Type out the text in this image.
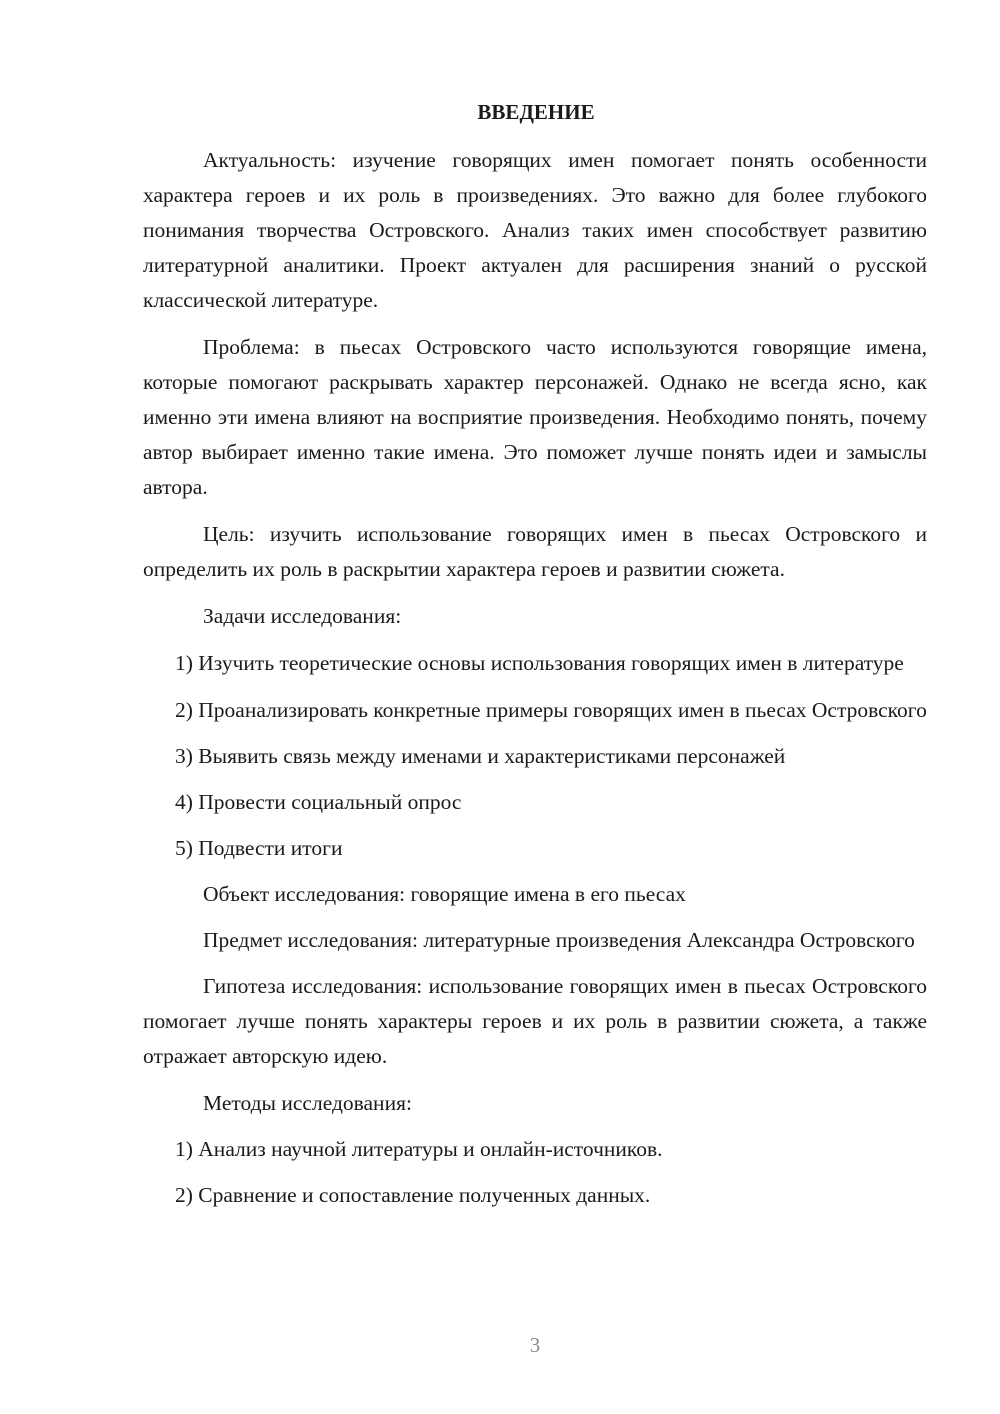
ВВЕДЕНИЕ

Актуальность: изучение говорящих имен помогает понять особенности характера героев и их роль в произведениях. Это важно для более глубокого понимания творчества Островского. Анализ таких имен способствует развитию литературной аналитики. Проект актуален для расширения знаний о русской классической литературе.

Проблема: в пьесах Островского часто используются говорящие имена, которые помогают раскрывать характер персонажей. Однако не всегда ясно, как именно эти имена влияют на восприятие произведения. Необходимо понять, почему автор выбирает именно такие имена. Это поможет лучше понять идеи и замыслы автора.

Цель: изучить использование говорящих имен в пьесах Островского и определить их роль в раскрытии характера героев и развитии сюжета.

Задачи исследования:

1) Изучить теоретические основы использования говорящих имен в литературе

2) Проанализировать конкретные примеры говорящих имен в пьесах Островского

3) Выявить связь между именами и характеристиками персонажей

4) Провести социальный опрос

5) Подвести итоги

Объект исследования: говорящие имена в его пьесах

Предмет исследования: литературные произведения Александра Островского

Гипотеза исследования: использование говорящих имен в пьесах Островского помогает лучше понять характеры героев и их роль в развитии сюжета, а также отражает авторскую идею.

Методы исследования:

1) Анализ научной литературы и онлайн-источников.

2) Сравнение и сопоставление полученных данных.

3
